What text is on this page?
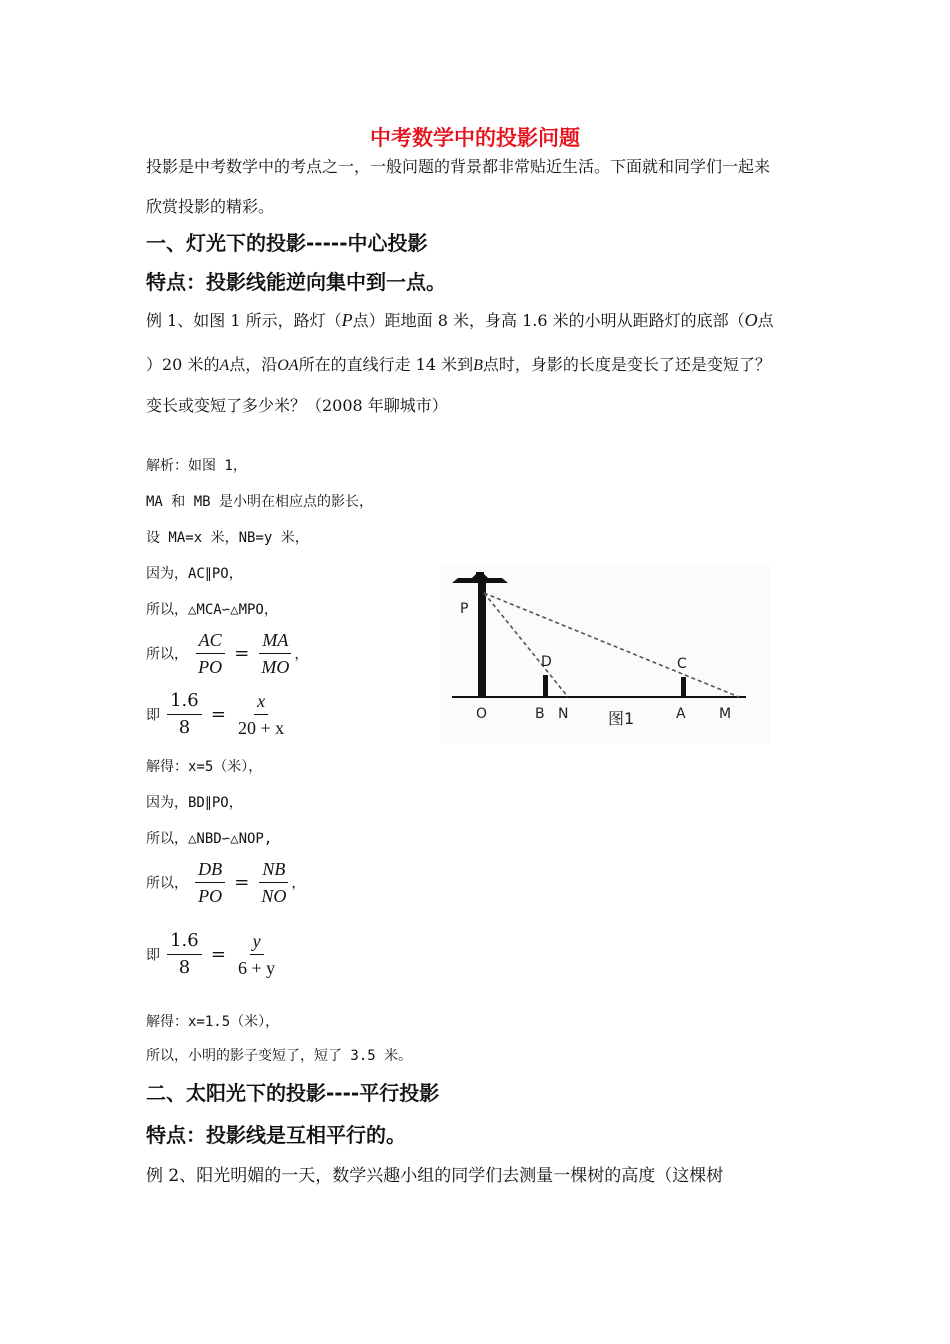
中考数学中的投影问题
投影是中考数学中的考点之一，一般问题的背景都非常贴近生活。下面就和同学们一起来
欣赏投影的精彩。
一、灯光下的投影-----中心投影
特点：投影线能逆向集中到一点。
例 1、如图 1 所示，路灯（P点）距地面 8 米，身高 1.6 米的小明从距路灯的底部（O点
）20 米的A点，沿OA所在的直线行走 14 米到B点时，身影的长度是变长了还是变短了？
变长或变短了多少米？（2008 年聊城市）
解析：如图 1，
MA 和 MB 是小明在相应点的影长，
设 MA=x 米，NB=y 米，
因为，AC∥PO，
所以，△MCA∽△MPO，
所以， $\frac{AC}{PO} = \frac{MA}{MO}$ ，
即 $\frac{1.6}{8} = \frac{x}{20 + x}$
解得：x=5（米），
因为，BD∥PO，
所以，△NBD∽△NOP,
所以， $\frac{DB}{PO} = \frac{NB}{NO}$ ，
即 $\frac{1.6}{8} = \frac{y}{6 + y}$
解得：x=1.5（米），
所以，小明的影子变短了，短了 3.5 米。
二、太阳光下的投影----平行投影
特点：投影线是互相平行的。
例 2、阳光明媚的一天，数学兴趣小组的同学们去测量一棵树的高度（这棵树
P
D	C
O	B N	A M
图1
